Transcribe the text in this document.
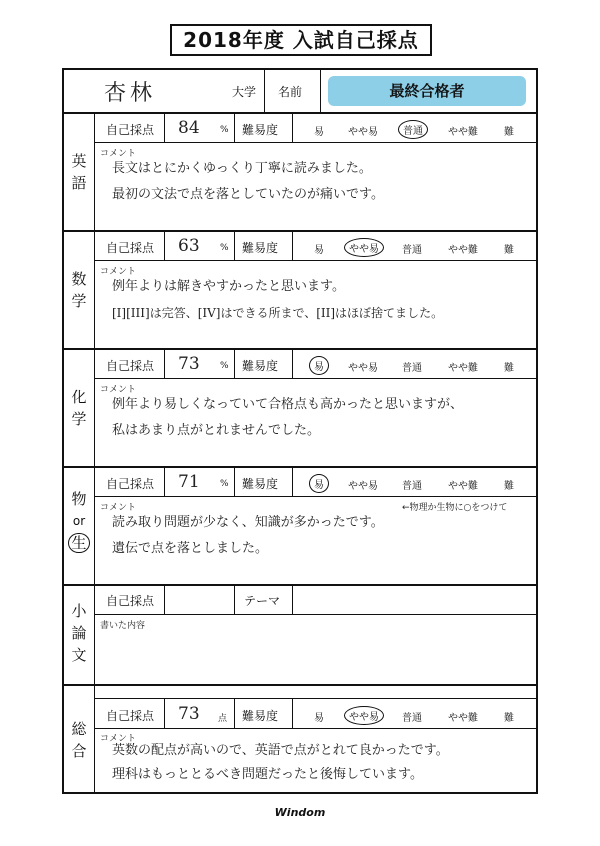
2018年度 入試自己採点
杏林	大学 名前	最終合格者
英
語
自己採点 84 % 難易度	易 やや易	普通	やや難	難
コメント
長文はとにかくゆっくり丁寧に読みました。
最初の文法で点を落としていたのが痛いです。
数
学
自己採点 63 % 難易度	易	やや易	普通	やや難	難
コメント
例年よりは解きやすかったと思います。
[I][III]は完答、[IV]はできる所まで、[II]はほぼ捨てました。
化
学
自己採点 73 % 難易度	易	やや易 普通	やや難	難
コメント
例年より易しくなっていて合格点も高かったと思いますが、
私はあまり点がとれませんでした。
物
or
生
自己採点 71 % 難易度	易	やや易 普通	やや難	難
コメント	←物理か生物に○をつけて
読み取り問題が少なく、知識が多かったです。
遺伝で点を落としました。
小
論
文
自己採点	テーマ
書いた内容
総
合
自己採点 73 点 難易度	易	やや易	普通	やや難	難
コメント
英数の配点が高いので、英語で点がとれて良かったです。
理科はもっととるべき問題だったと後悔しています。
Windom
